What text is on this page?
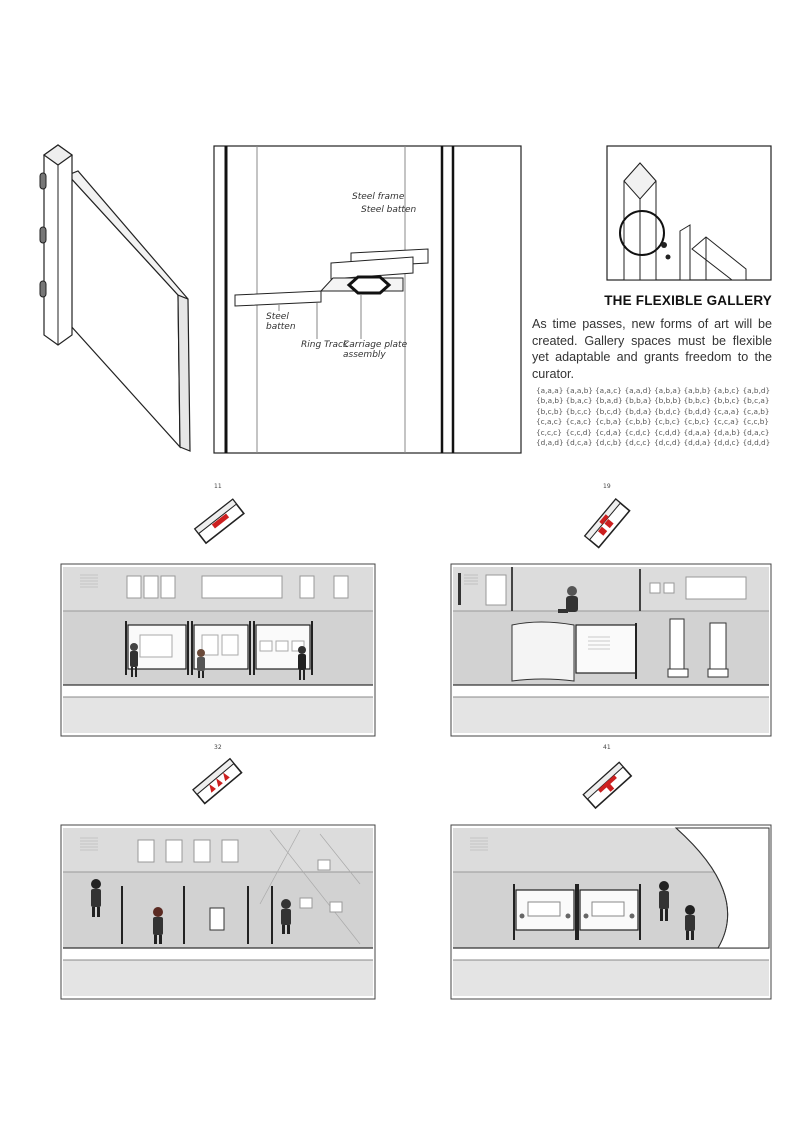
Steel frame
Steel batten
Steel
batten
Ring Track
Carriage plate
assembly
THE FLEXIBLE GALLERY
As time passes, new forms of art will be created. Gallery spaces must be flexible yet adaptable and grants freedom to the curator.
{a,a,a} {a,a,b} {a,a,c} {a,a,d} {a,b,a} {a,b,b} {a,b,c} {a,b,d}
{b,a,b} {b,a,c} {b,a,d} {b,b,a} {b,b,b} {b,b,c} {b,b,c} {b,c,a}
{b,c,b} {b,c,c} {b,c,d} {b,d,a} {b,d,c} {b,d,d} {c,a,a} {c,a,b}
{c,a,c} {c,a,c} {c,b,a} {c,b,b} {c,b,c} {c,b,c} {c,c,a} {c,c,b}
{c,c,c} {c,c,d} {c,d,a} {c,d,c} {c,d,d} {d,a,a} {d,a,b} {d,a,c}
{d,a,d} {d,c,a} {d,c,b} {d,c,c} {d,c,d} {d,d,a} {d,d,c} {d,d,d}
11	19
32	41
